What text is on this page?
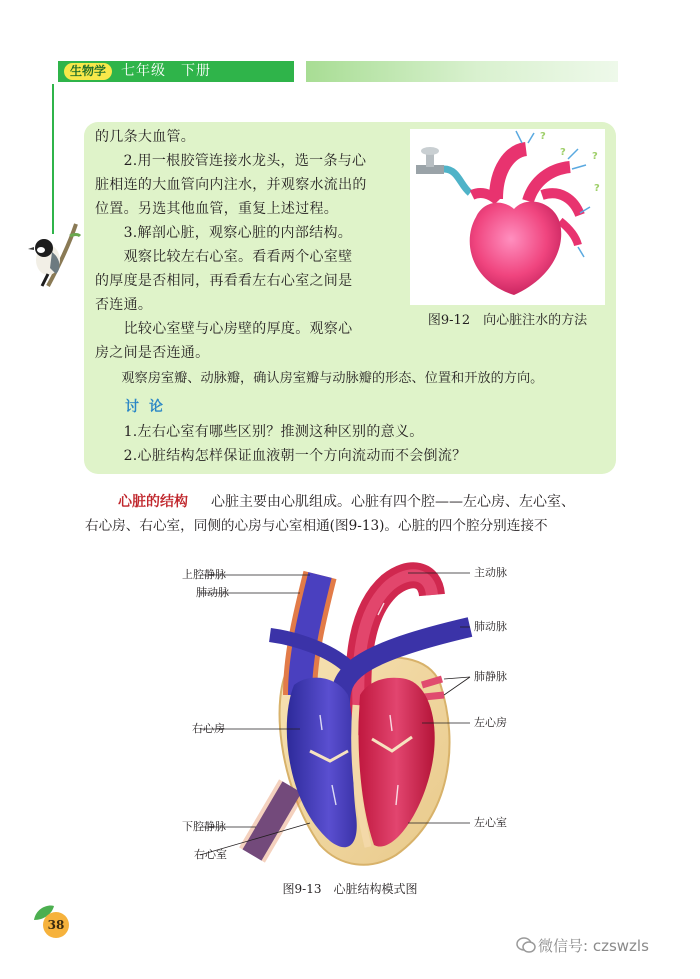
生物学	七年级　下册
的几条大血管。
　　2.用一根胶管连接水龙头，选一条与心
脏相连的大血管向内注水，并观察水流出的
位置。另选其他血管，重复上述过程。
　　3.解剖心脏，观察心脏的内部结构。
　　观察比较左右心室。看看两个心室壁
的厚度是否相同，再看看左右心室之间是
否连通。
　　比较心室壁与心房壁的厚度。观察心
房之间是否连通。
　　观察房室瓣、动脉瓣，确认房室瓣与动脉瓣的形态、位置和开放的方向。
讨论
　　1.左右心室有哪些区别？推测这种区别的意义。
　　2.心脏结构怎样保证血液朝一个方向流动而不会倒流？
?
?
?
?
图9-12　向心脏注水的方法
心脏的结构 心脏主要由心肌组成。心脏有四个腔——左心房、左心室、
右心房、右心室，同侧的心房与心室相通(图9-13)。心脏的四个腔分别连接不
上腔静脉
肺动脉
主动脉
肺动脉
肺静脉
右心房	左心房
下腔静脉	左心室
右心室
图9-13　心脏结构模式图
38
微信号: czswzls
